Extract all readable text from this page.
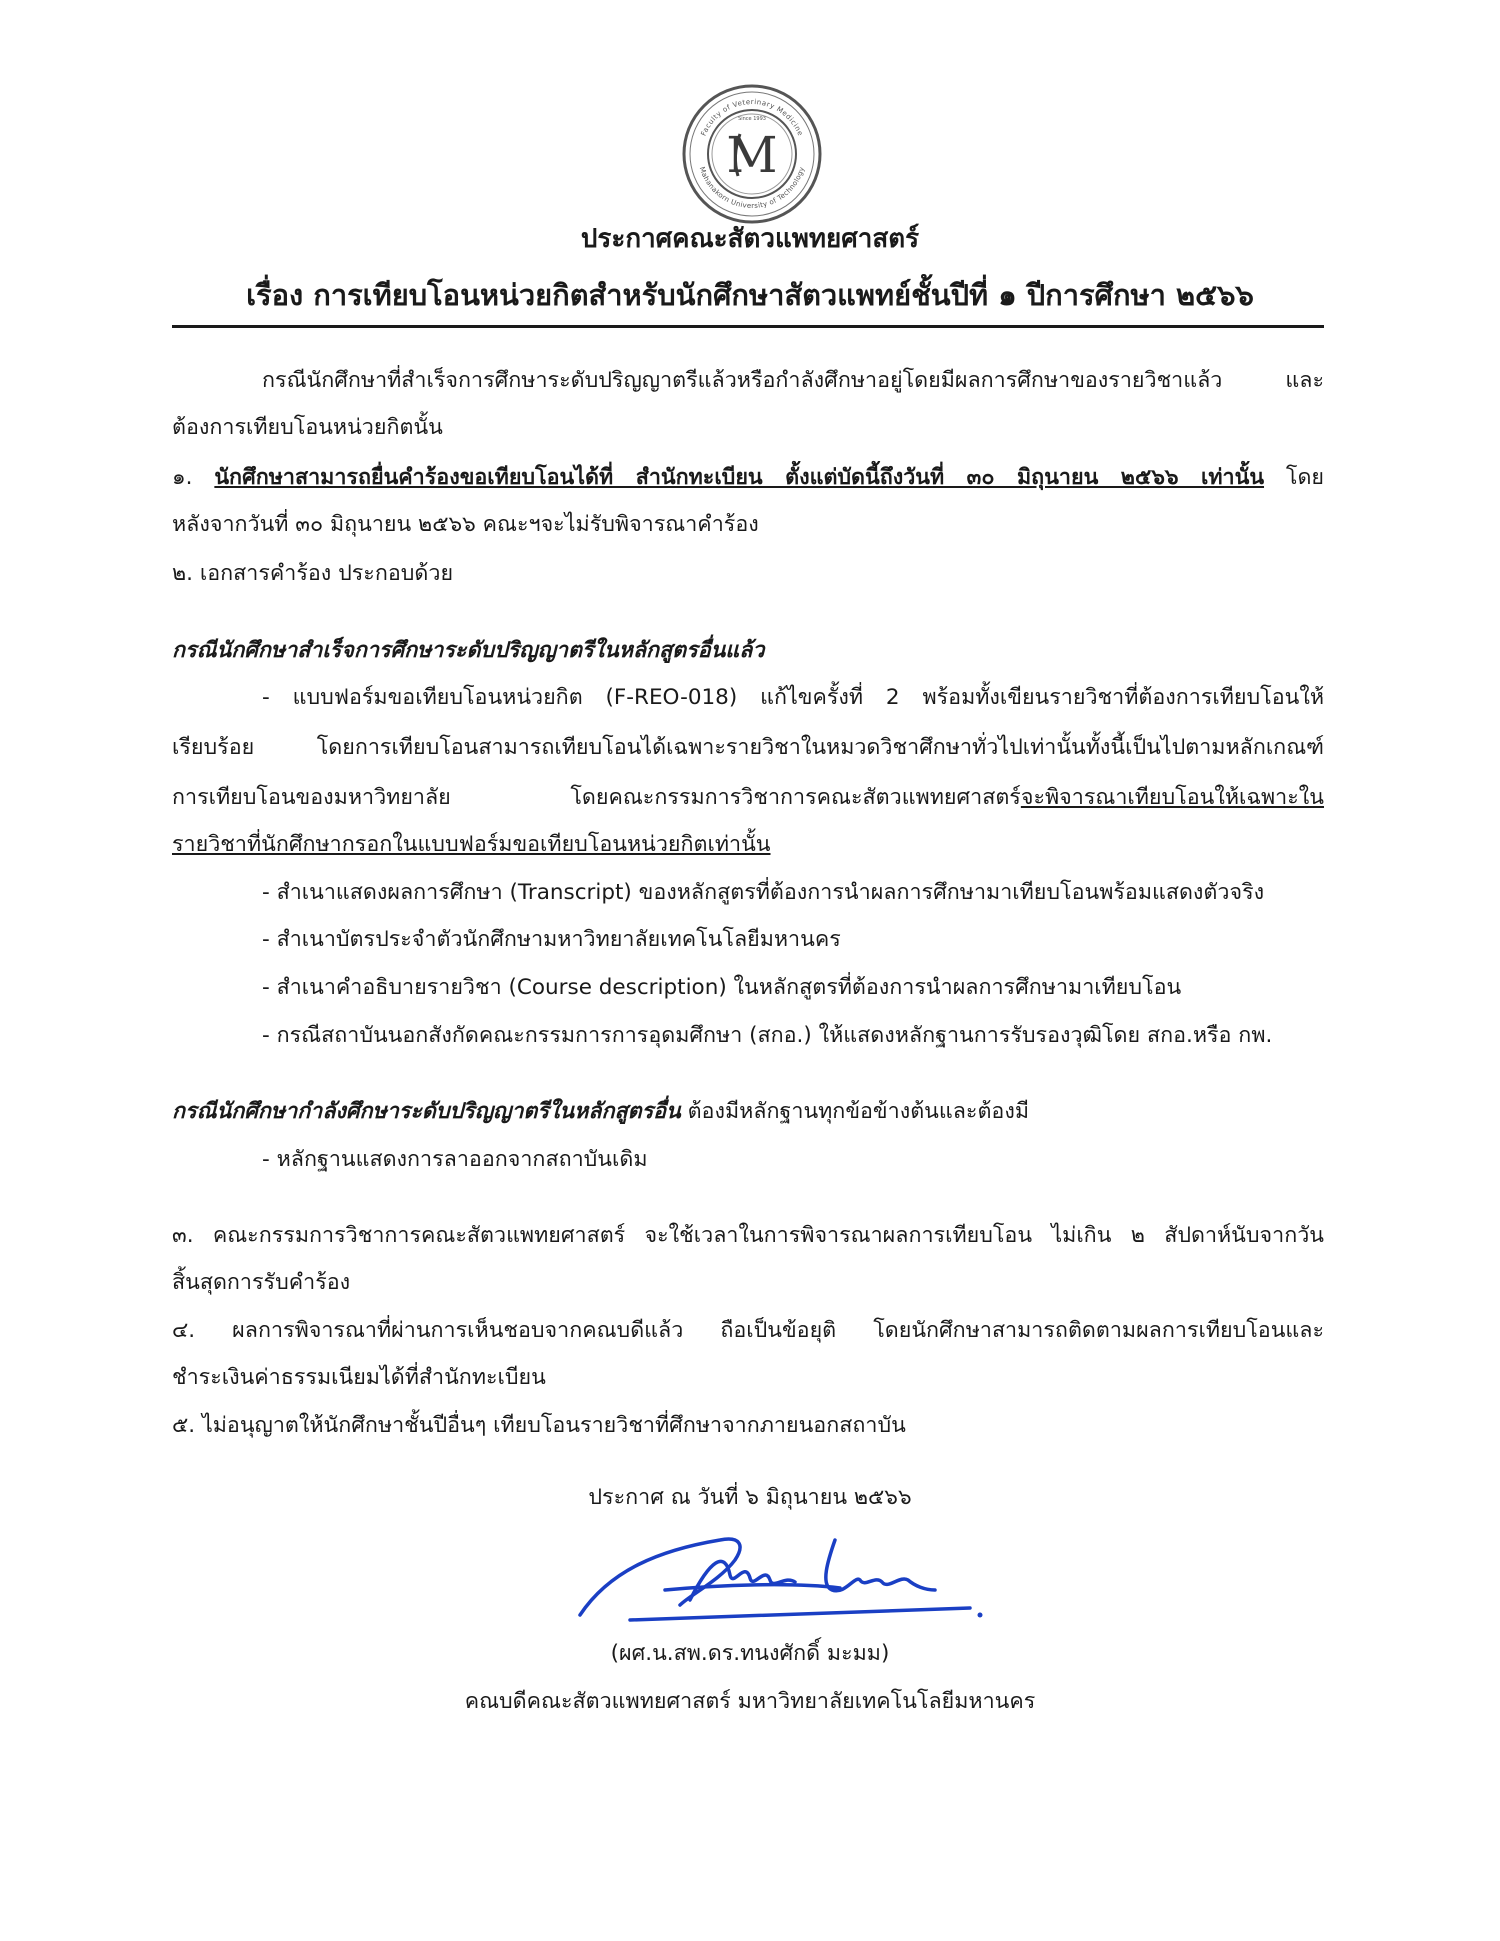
Faculty of Veterinary Medicine
Mahanakorn University of Technology
Since 1993
M
ประกาศคณะสัตวแพทยศาสตร์
เรื่อง การเทียบโอนหน่วยกิตสำหรับนักศึกษาสัตวแพทย์ชั้นปีที่ ๑ ปีการศึกษา ๒๕๖๖
กรณีนักศึกษาที่สำเร็จการศึกษาระดับปริญญาตรีแล้วหรือกำลังศึกษาอยู่โดยมีผลการศึกษาของรายวิชาแล้ว และ
ต้องการเทียบโอนหน่วยกิตนั้น
๑. นักศึกษาสามารถยื่นคำร้องขอเทียบโอนได้ที่ สำนักทะเบียน ตั้งแต่บัดนี้ถึงวันที่ ๓๐ มิถุนายน ๒๕๖๖ เท่านั้น โดย
หลังจากวันที่ ๓๐ มิถุนายน ๒๕๖๖ คณะฯจะไม่รับพิจารณาคำร้อง
๒. เอกสารคำร้อง ประกอบด้วย
กรณีนักศึกษาสำเร็จการศึกษาระดับปริญญาตรีในหลักสูตรอื่นแล้ว
- แบบฟอร์มขอเทียบโอนหน่วยกิต (F-REO-018) แก้ไขครั้งที่ 2 พร้อมทั้งเขียนรายวิชาที่ต้องการเทียบโอนให้
เรียบร้อย โดยการเทียบโอนสามารถเทียบโอนได้เฉพาะรายวิชาในหมวดวิชาศึกษาทั่วไปเท่านั้นทั้งนี้เป็นไปตามหลักเกณฑ์
การเทียบโอนของมหาวิทยาลัย โดยคณะกรรมการวิชาการคณะสัตวแพทยศาสตร์จะพิจารณาเทียบโอนให้เฉพาะใน
รายวิชาที่นักศึกษากรอกในแบบฟอร์มขอเทียบโอนหน่วยกิตเท่านั้น
- สำเนาแสดงผลการศึกษา (Transcript) ของหลักสูตรที่ต้องการนำผลการศึกษามาเทียบโอนพร้อมแสดงตัวจริง
- สำเนาบัตรประจำตัวนักศึกษามหาวิทยาลัยเทคโนโลยีมหานคร
- สำเนาคำอธิบายรายวิชา (Course description) ในหลักสูตรที่ต้องการนำผลการศึกษามาเทียบโอน
- กรณีสถาบันนอกสังกัดคณะกรรมการการอุดมศึกษา (สกอ.) ให้แสดงหลักฐานการรับรองวุฒิโดย สกอ.หรือ กพ.
กรณีนักศึกษากำลังศึกษาระดับปริญญาตรีในหลักสูตรอื่น ต้องมีหลักฐานทุกข้อข้างต้นและต้องมี
- หลักฐานแสดงการลาออกจากสถาบันเดิม
๓. คณะกรรมการวิชาการคณะสัตวแพทยศาสตร์ จะใช้เวลาในการพิจารณาผลการเทียบโอน ไม่เกิน ๒ สัปดาห์นับจากวัน
สิ้นสุดการรับคำร้อง
๔. ผลการพิจารณาที่ผ่านการเห็นชอบจากคณบดีแล้ว ถือเป็นข้อยุติ โดยนักศึกษาสามารถติดตามผลการเทียบโอนและ
ชำระเงินค่าธรรมเนียมได้ที่สำนักทะเบียน
๕. ไม่อนุญาตให้นักศึกษาชั้นปีอื่นๆ เทียบโอนรายวิชาที่ศึกษาจากภายนอกสถาบัน
ประกาศ ณ วันที่ ๖ มิถุนายน ๒๕๖๖
(ผศ.น.สพ.ดร.ทนงศักดิ์ มะมม)
คณบดีคณะสัตวแพทยศาสตร์ มหาวิทยาลัยเทคโนโลยีมหานคร
